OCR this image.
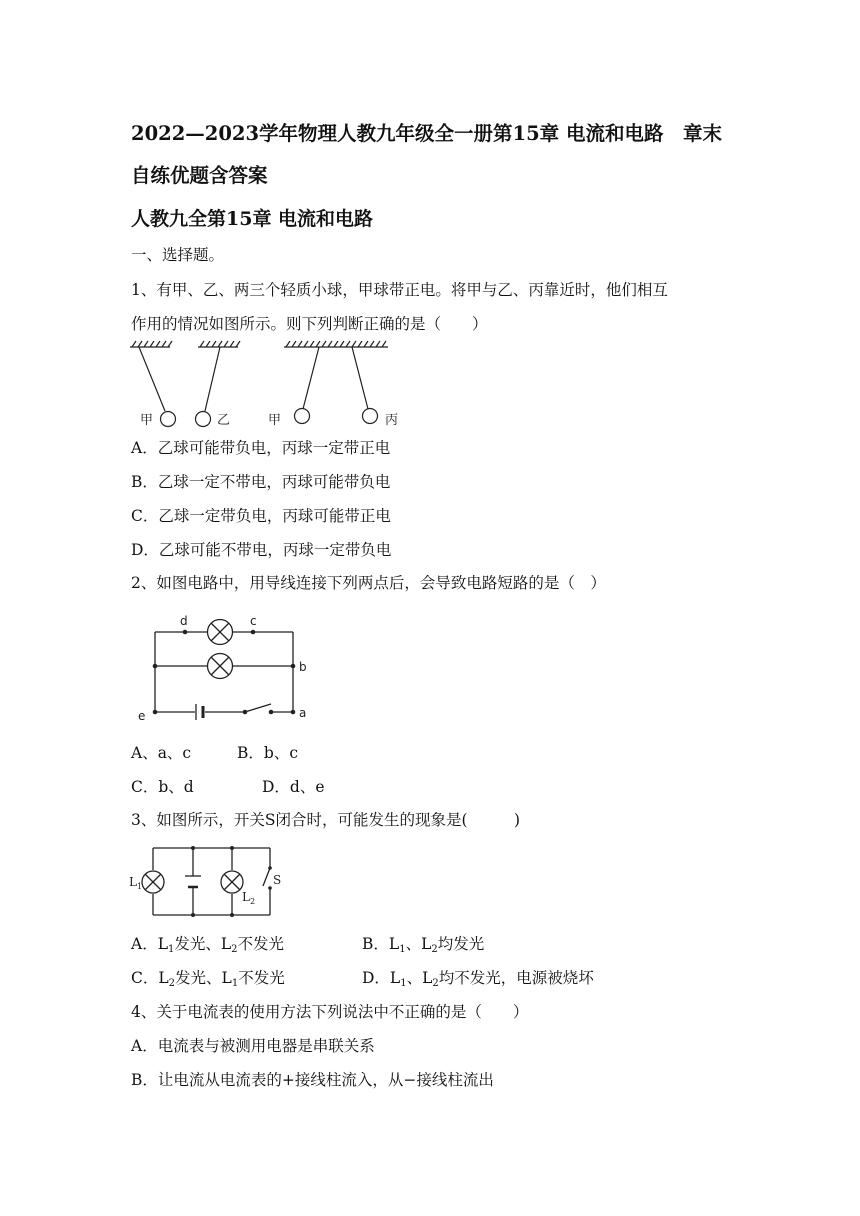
2022—2023学年物理人教九年级全一册第15章 电流和电路　章末
自练优题含答案
人教九全第15章 电流和电路
一、选择题。
1、有甲、乙、两三个轻质小球，甲球带正电。将甲与乙、丙靠近时，他们相互
作用的情况如图所示。则下列判断正确的是（　　）
甲	乙	甲	丙
A．乙球可能带负电，丙球一定带正电
B．乙球一定不带电，丙球可能带负电
C．乙球一定带负电，丙球可能带正电
D．乙球可能不带电，丙球一定带负电
2、如图电路中，用导线连接下列两点后，会导致电路短路的是（　）
d	c
b
e	a
A、a、c	B．b、c
C．b、d	D．d、e
3、如图所示，开关S闭合时，可能发生的现象是(　　　)
$L_1$
$L_2$
S
A．$L_1$发光、$L_2$不发光	B．$L_1$、$L_2$均发光
C．$L_2$发光、$L_1$不发光	D．$L_1$、$L_2$均不发光，电源被烧坏
4、关于电流表的使用方法下列说法中不正确的是（　　）
A．电流表与被测用电器是串联关系
B．让电流从电流表的+接线柱流入，从−接线柱流出
